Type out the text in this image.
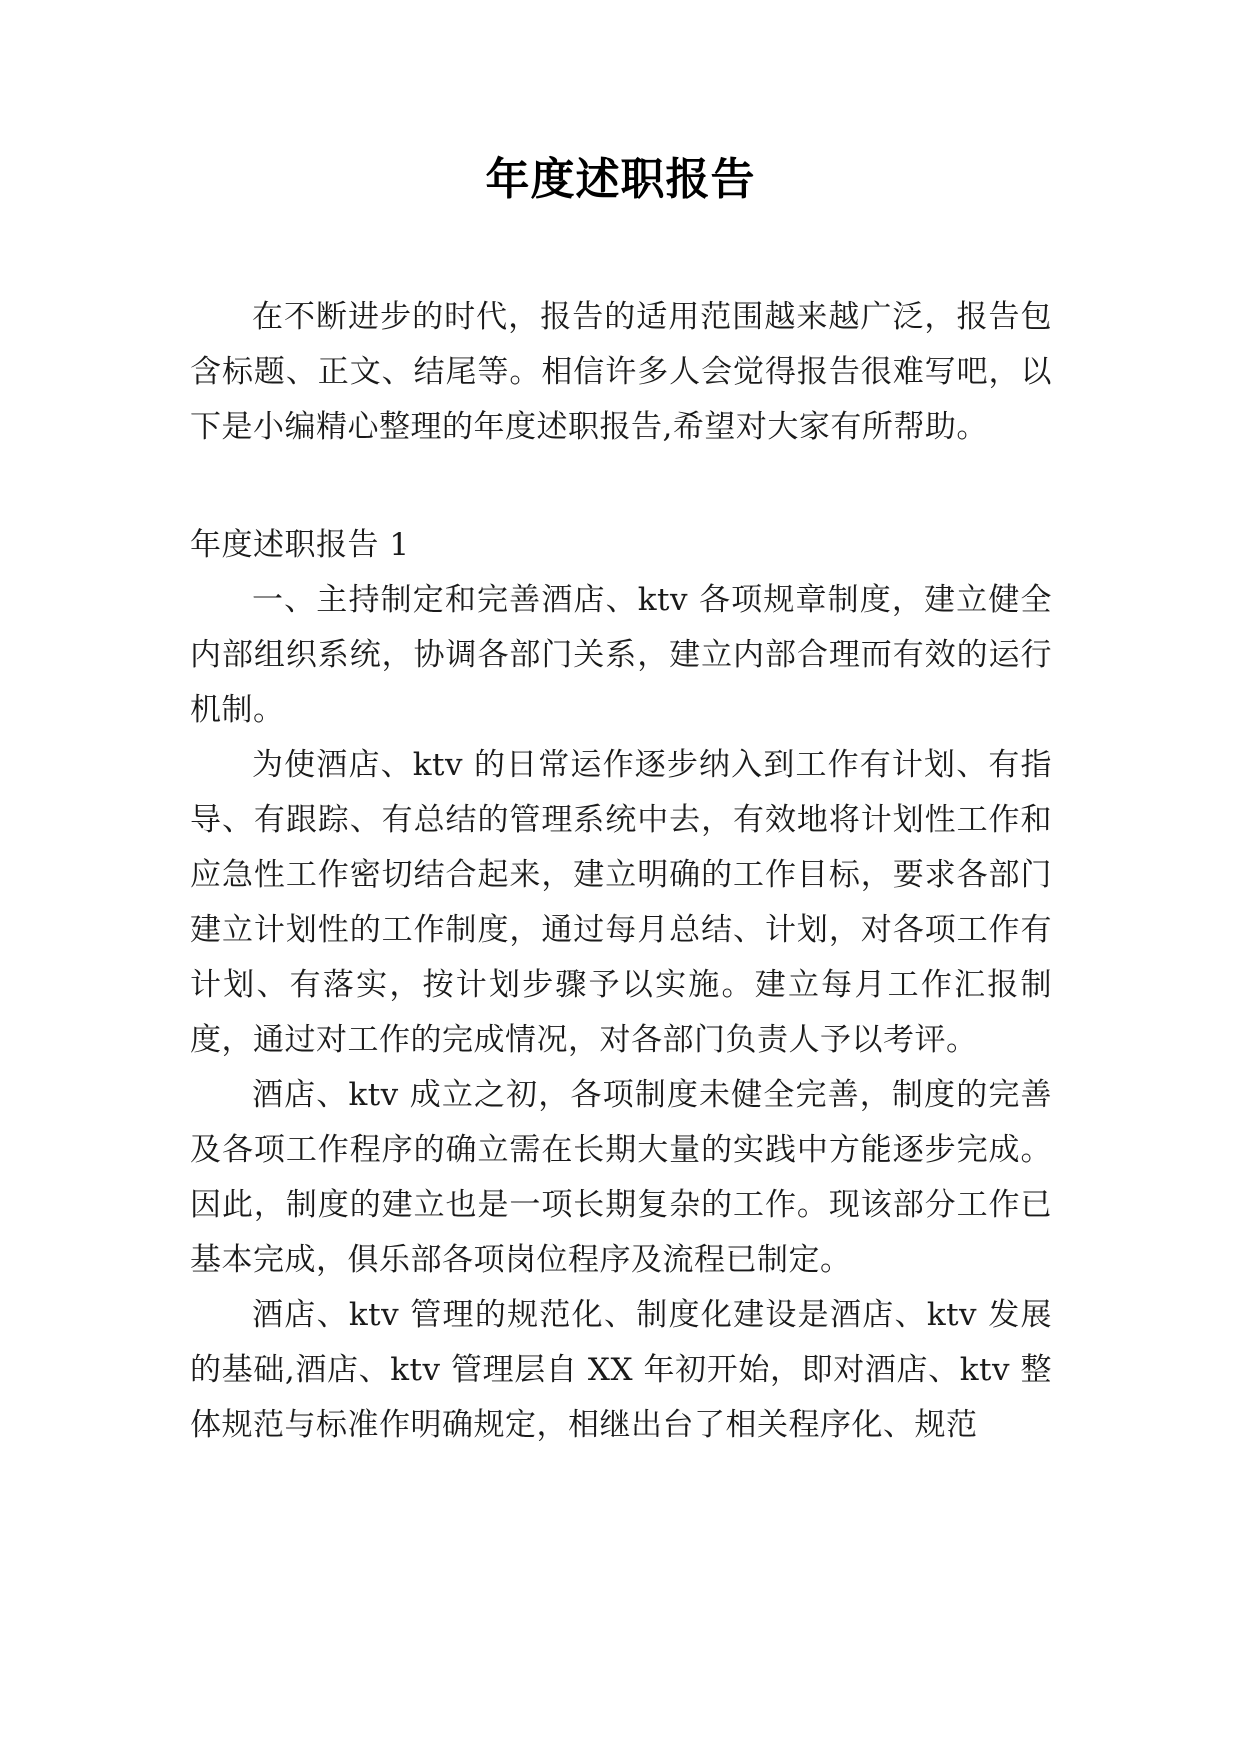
年度述职报告

在不断进步的时代，报告的适用范围越来越广泛，报告包含标题、正文、结尾等。相信许多人会觉得报告很难写吧，以下是小编精心整理的年度述职报告,希望对大家有所帮助。

年度述职报告 1

一、主持制定和完善酒店、ktv 各项规章制度，建立健全内部组织系统，协调各部门关系，建立内部合理而有效的运行机制。

为使酒店、ktv 的日常运作逐步纳入到工作有计划、有指导、有跟踪、有总结的管理系统中去，有效地将计划性工作和应急性工作密切结合起来，建立明确的工作目标，要求各部门建立计划性的工作制度，通过每月总结、计划，对各项工作有计划、有落实，按计划步骤予以实施。建立每月工作汇报制度，通过对工作的完成情况，对各部门负责人予以考评。

酒店、ktv 成立之初，各项制度未健全完善，制度的完善及各项工作程序的确立需在长期大量的实践中方能逐步完成。因此，制度的建立也是一项长期复杂的工作。现该部分工作已基本完成，俱乐部各项岗位程序及流程已制定。

酒店、ktv 管理的规范化、制度化建设是酒店、ktv 发展的基础,酒店、ktv 管理层自 XX 年初开始，即对酒店、ktv 整体规范与标准作明确规定，相继出台了相关程序化、规范
